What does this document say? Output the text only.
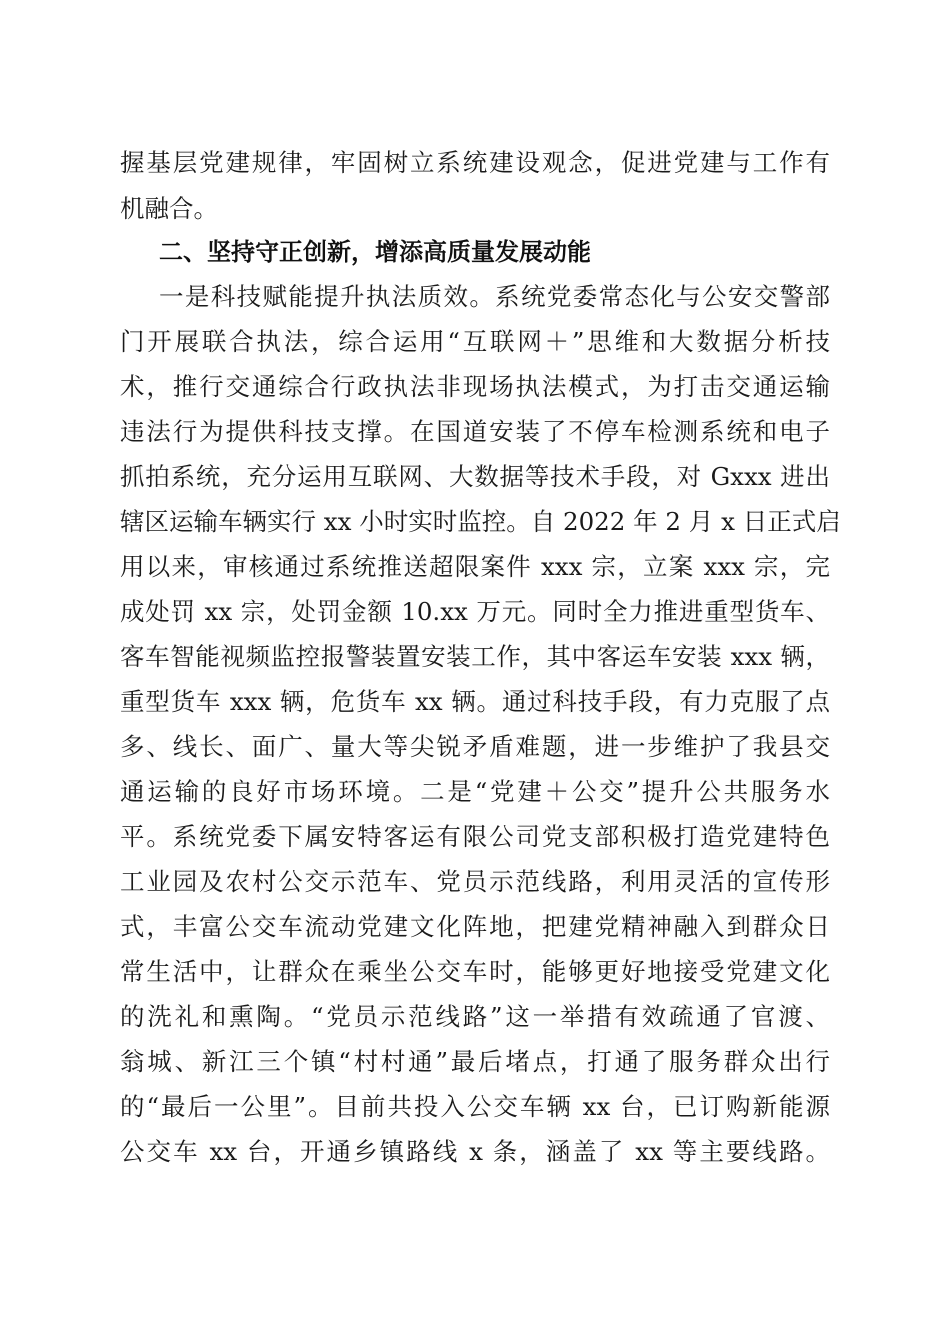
握基层党建规律，牢固树立系统建设观念，促进党建与工作有
机融合。
二、坚持守正创新，增添高质量发展动能
一是科技赋能提升执法质效。系统党委常态化与公安交警部
门开展联合执法，综合运用“互联网＋”思维和大数据分析技
术，推行交通综合行政执法非现场执法模式，为打击交通运输
违法行为提供科技支撑。在国道安装了不停车检测系统和电子
抓拍系统，充分运用互联网、大数据等技术手段，对 Gxxx 进出
辖区运输车辆实行 xx 小时实时监控。自 2022 年 2 月 x 日正式启
用以来，审核通过系统推送超限案件 xxx 宗，立案 xxx 宗，完
成处罚 xx 宗，处罚金额 10.xx 万元。同时全力推进重型货车、
客车智能视频监控报警装置安装工作，其中客运车安装 xxx 辆，
重型货车 xxx 辆，危货车 xx 辆。通过科技手段，有力克服了点
多、线长、面广、量大等尖锐矛盾难题，进一步维护了我县交
通运输的良好市场环境。二是“党建＋公交”提升公共服务水
平。系统党委下属安特客运有限公司党支部积极打造党建特色
工业园及农村公交示范车、党员示范线路，利用灵活的宣传形
式，丰富公交车流动党建文化阵地，把建党精神融入到群众日
常生活中，让群众在乘坐公交车时，能够更好地接受党建文化
的洗礼和熏陶。“党员示范线路”这一举措有效疏通了官渡、
翁城、新江三个镇“村村通”最后堵点，打通了服务群众出行
的“最后一公里”。目前共投入公交车辆 xx 台，已订购新能源
公交车 xx 台，开通乡镇路线 x 条，涵盖了 xx 等主要线路。
